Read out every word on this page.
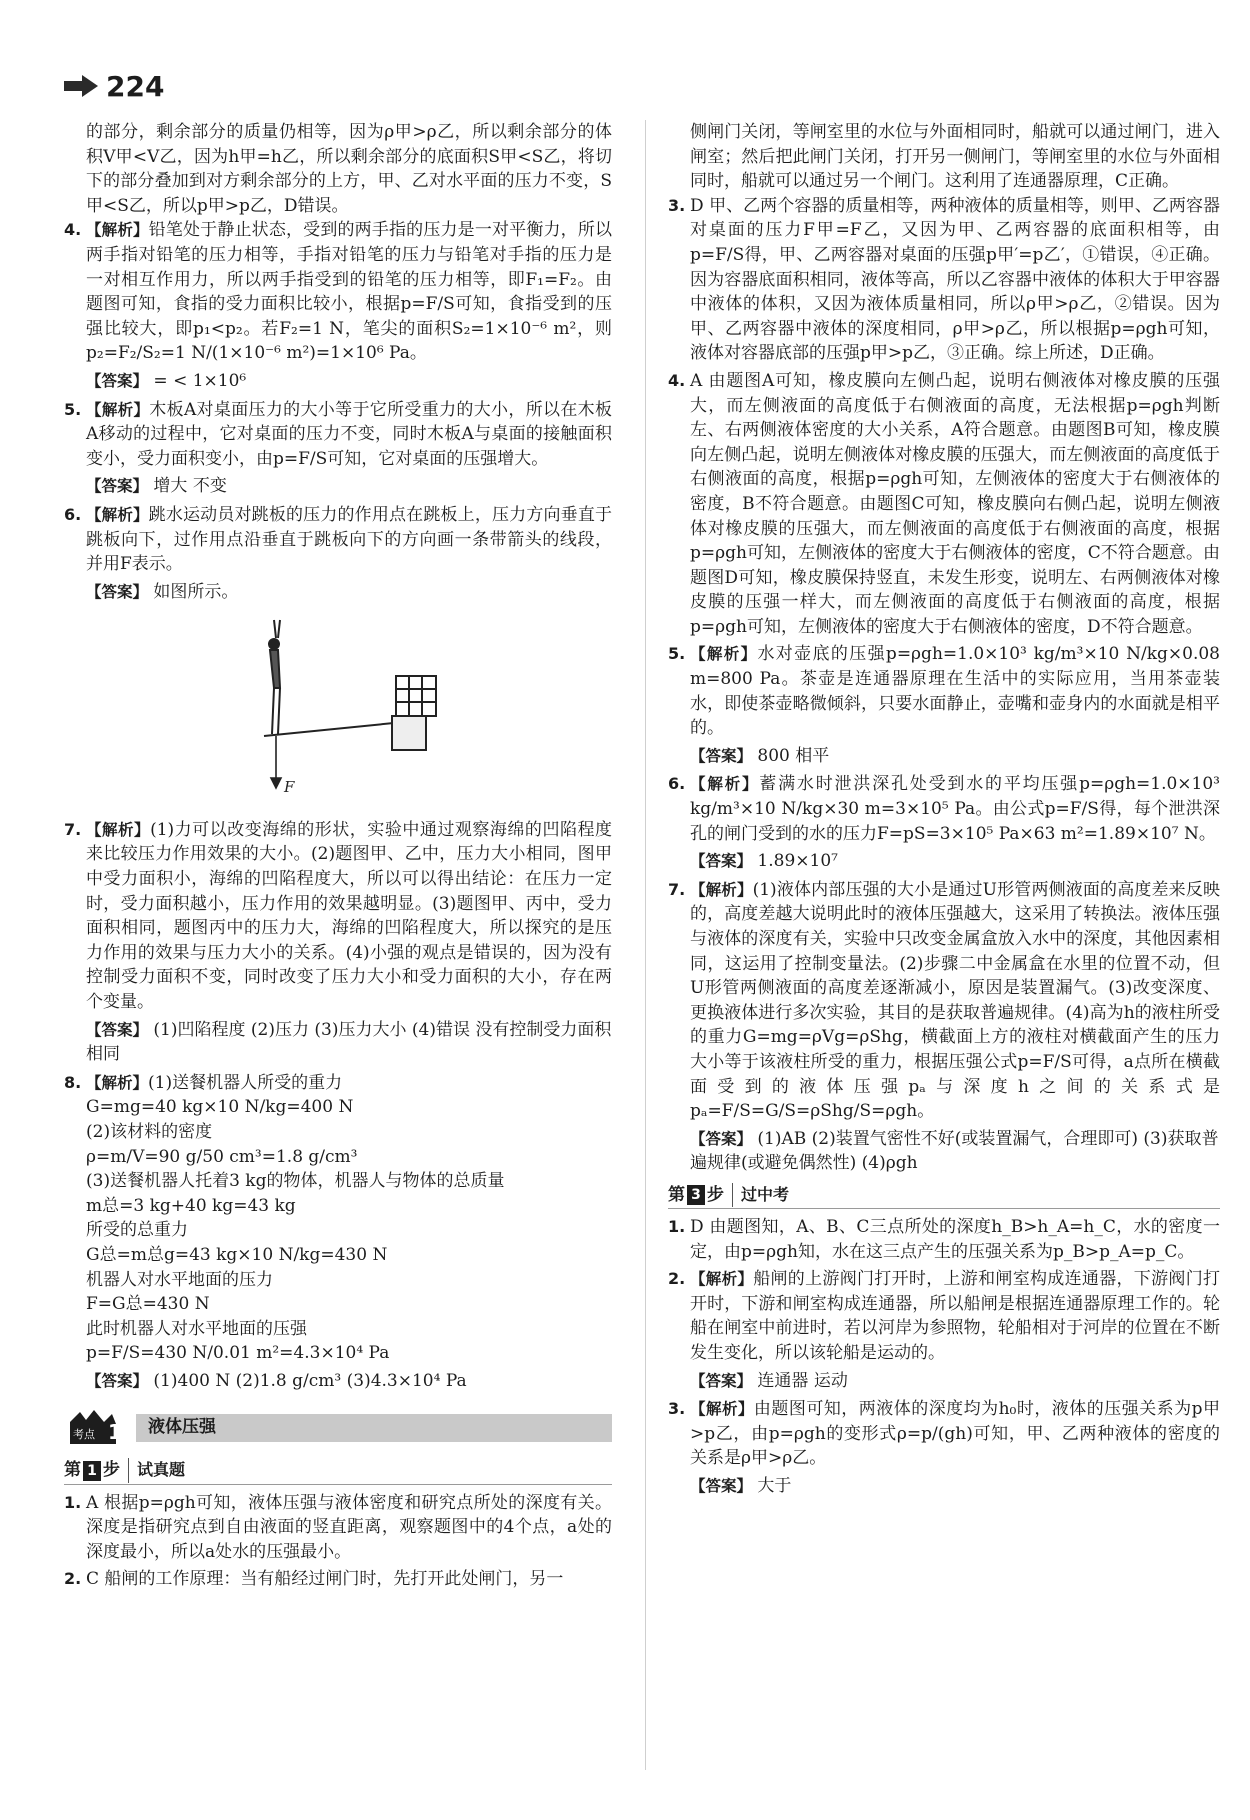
224

的部分，剩余部分的质量仍相等，因为ρ甲>ρ乙，所以剩余部分的体积V甲<V乙，因为h甲=h乙，所以剩余部分的底面积S甲<S乙，将切下的部分叠加到对方剩余部分的上方，甲、乙对水平面的压力不变，S甲<S乙，所以p甲>p乙，D错误。

4. 【解析】铅笔处于静止状态，受到的两手指的压力是一对平衡力，所以两手指对铅笔的压力相等，手指对铅笔的压力与铅笔对手指的压力是一对相互作用力，所以两手指受到的铅笔的压力相等，即F₁=F₂。由题图可知，食指的受力面积比较小，根据p=F/S可知，食指受到的压强比较大，即p₁<p₂。若F₂=1 N，笔尖的面积S₂=1×10⁻⁶ m²，则p₂=F₂/S₂=1 N/(1×10⁻⁶ m²)=1×10⁶ Pa。
【答案】 = < 1×10⁶
5. 【解析】木板A对桌面压力的大小等于它所受重力的大小，所以在木板A移动的过程中，它对桌面的压力不变，同时木板A与桌面的接触面积变小，受力面积变小，由p=F/S可知，它对桌面的压强增大。
【答案】 增大 不变
6. 【解析】跳水运动员对跳板的压力的作用点在跳板上，压力方向垂直于跳板向下，过作用点沿垂直于跳板向下的方向画一条带箭头的线段，并用F表示。
【答案】 如图所示。
F
7. 【解析】(1)力可以改变海绵的形状，实验中通过观察海绵的凹陷程度来比较压力作用效果的大小。(2)题图甲、乙中，压力大小相同，图甲中受力面积小，海绵的凹陷程度大，所以可以得出结论：在压力一定时，受力面积越小，压力作用的效果越明显。(3)题图甲、丙中，受力面积相同，题图丙中的压力大，海绵的凹陷程度大，所以探究的是压力作用的效果与压力大小的关系。(4)小强的观点是错误的，因为没有控制受力面积不变，同时改变了压力大小和受力面积的大小，存在两个变量。
【答案】 (1)凹陷程度 (2)压力 (3)压力大小 (4)错误 没有控制受力面积相同
8. 【解析】(1)送餐机器人所受的重力
G=mg=40 kg×10 N/kg=400 N
(2)该材料的密度
ρ=m/V=90 g/50 cm³=1.8 g/cm³
(3)送餐机器人托着3 kg的物体，机器人与物体的总质量
m总=3 kg+40 kg=43 kg
所受的总重力
G总=m总g=43 kg×10 N/kg=430 N
机器人对水平地面的压力
F=G总=430 N
此时机器人对水平地面的压强
p=F/S=430 N/0.01 m²=4.3×10⁴ Pa
【答案】 (1)400 N (2)1.8 g/cm³ (3)4.3×10⁴ Pa
考点 12 液体压强
第 1 步	试真题
1. A 根据p=ρgh可知，液体压强与液体密度和研究点所处的深度有关。深度是指研究点到自由液面的竖直距离，观察题图中的4个点，a处的深度最小，所以a处水的压强最小。
2. C 船闸的工作原理：当有船经过闸门时，先打开此处闸门，另一

侧闸门关闭，等闸室里的水位与外面相同时，船就可以通过闸门，进入闸室；然后把此闸门关闭，打开另一侧闸门，等闸室里的水位与外面相同时，船就可以通过另一个闸门。这利用了连通器原理，C正确。

3. D 甲、乙两个容器的质量相等，两种液体的质量相等，则甲、乙两容器对桌面的压力F甲=F乙，又因为甲、乙两容器的底面积相等，由p=F/S得，甲、乙两容器对桌面的压强p甲′=p乙′，①错误，④正确。因为容器底面积相同，液体等高，所以乙容器中液体的体积大于甲容器中液体的体积，又因为液体质量相同，所以ρ甲>ρ乙，②错误。因为甲、乙两容器中液体的深度相同，ρ甲>ρ乙，所以根据p=ρgh可知，液体对容器底部的压强p甲>p乙，③正确。综上所述，D正确。
4. A 由题图A可知，橡皮膜向左侧凸起，说明右侧液体对橡皮膜的压强大，而左侧液面的高度低于右侧液面的高度，无法根据p=ρgh判断左、右两侧液体密度的大小关系，A符合题意。由题图B可知，橡皮膜向左侧凸起，说明左侧液体对橡皮膜的压强大，而左侧液面的高度低于右侧液面的高度，根据p=ρgh可知，左侧液体的密度大于右侧液体的密度，B不符合题意。由题图C可知，橡皮膜向右侧凸起，说明左侧液体对橡皮膜的压强大，而左侧液面的高度低于右侧液面的高度，根据p=ρgh可知，左侧液体的密度大于右侧液体的密度，C不符合题意。由题图D可知，橡皮膜保持竖直，未发生形变，说明左、右两侧液体对橡皮膜的压强一样大，而左侧液面的高度低于右侧液面的高度，根据p=ρgh可知，左侧液体的密度大于右侧液体的密度，D不符合题意。
5. 【解析】水对壶底的压强p=ρgh=1.0×10³ kg/m³×10 N/kg×0.08 m=800 Pa。茶壶是连通器原理在生活中的实际应用，当用茶壶装水，即使茶壶略微倾斜，只要水面静止，壶嘴和壶身内的水面就是相平的。
【答案】 800 相平
6. 【解析】蓄满水时泄洪深孔处受到水的平均压强p=ρgh=1.0×10³ kg/m³×10 N/kg×30 m=3×10⁵ Pa。由公式p=F/S得，每个泄洪深孔的闸门受到的水的压力F=pS=3×10⁵ Pa×63 m²=1.89×10⁷ N。
【答案】 1.89×10⁷
7. 【解析】(1)液体内部压强的大小是通过U形管两侧液面的高度差来反映的，高度差越大说明此时的液体压强越大，这采用了转换法。液体压强与液体的深度有关，实验中只改变金属盒放入水中的深度，其他因素相同，这运用了控制变量法。(2)步骤二中金属盒在水里的位置不动，但U形管两侧液面的高度差逐渐减小，原因是装置漏气。(3)改变深度、更换液体进行多次实验，其目的是获取普遍规律。(4)高为h的液柱所受的重力G=mg=ρVg=ρShg，横截面上方的液柱对横截面产生的压力大小等于该液柱所受的重力，根据压强公式p=F/S可得，a点所在横截面受到的液体压强pₐ与深度h之间的关系式是pₐ=F/S=G/S=ρShg/S=ρgh。
【答案】 (1)AB (2)装置气密性不好(或装置漏气，合理即可) (3)获取普遍规律(或避免偶然性) (4)ρgh
第 3 步	过中考
1. D 由题图知，A、B、C三点所处的深度h_B>h_A=h_C，水的密度一定，由p=ρgh知，水在这三点产生的压强关系为p_B>p_A=p_C。
2. 【解析】船闸的上游阀门打开时，上游和闸室构成连通器，下游阀门打开时，下游和闸室构成连通器，所以船闸是根据连通器原理工作的。轮船在闸室中前进时，若以河岸为参照物，轮船相对于河岸的位置在不断发生变化，所以该轮船是运动的。
【答案】 连通器 运动
3. 【解析】由题图可知，两液体的深度均为h₀时，液体的压强关系为p甲>p乙，由p=ρgh的变形式ρ=p/(gh)可知，甲、乙两种液体的密度的关系是ρ甲>ρ乙。
【答案】 大于
